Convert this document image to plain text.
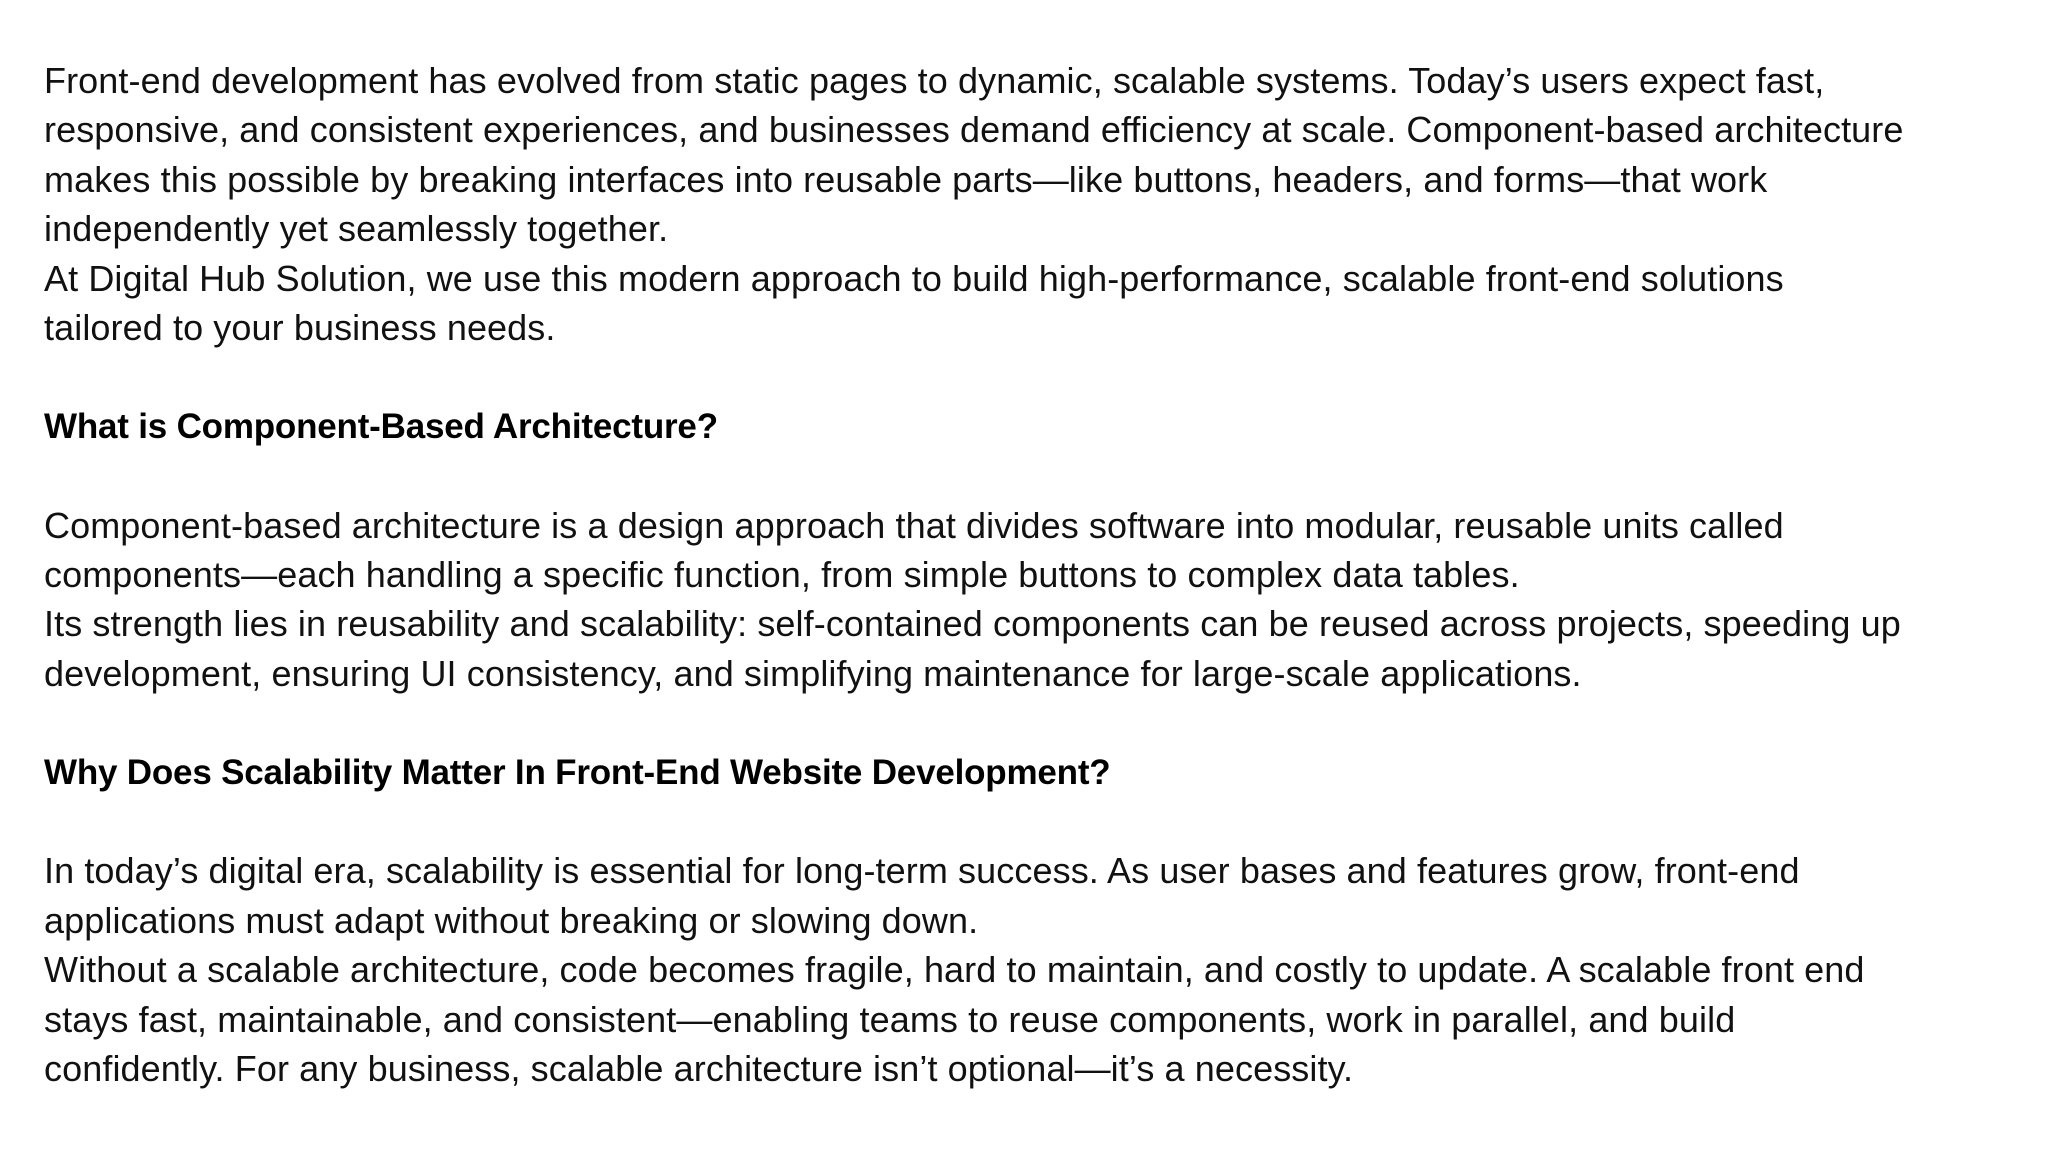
Front-end development has evolved from static pages to dynamic, scalable systems. Today’s users expect fast,

responsive, and consistent experiences, and businesses demand efficiency at scale. Component-based architecture

makes this possible by breaking interfaces into reusable parts—like buttons, headers, and forms—that work

independently yet seamlessly together.

At Digital Hub Solution, we use this modern approach to build high-performance, scalable front-end solutions

tailored to your business needs.

What is Component-Based Architecture?

Component-based architecture is a design approach that divides software into modular, reusable units called

components—each handling a specific function, from simple buttons to complex data tables.

Its strength lies in reusability and scalability: self-contained components can be reused across projects, speeding up

development, ensuring UI consistency, and simplifying maintenance for large-scale applications.

Why Does Scalability Matter In Front-End Website Development?

In today’s digital era, scalability is essential for long-term success. As user bases and features grow, front-end

applications must adapt without breaking or slowing down.

Without a scalable architecture, code becomes fragile, hard to maintain, and costly to update. A scalable front end

stays fast, maintainable, and consistent—enabling teams to reuse components, work in parallel, and build

confidently. For any business, scalable architecture isn’t optional—it’s a necessity.
